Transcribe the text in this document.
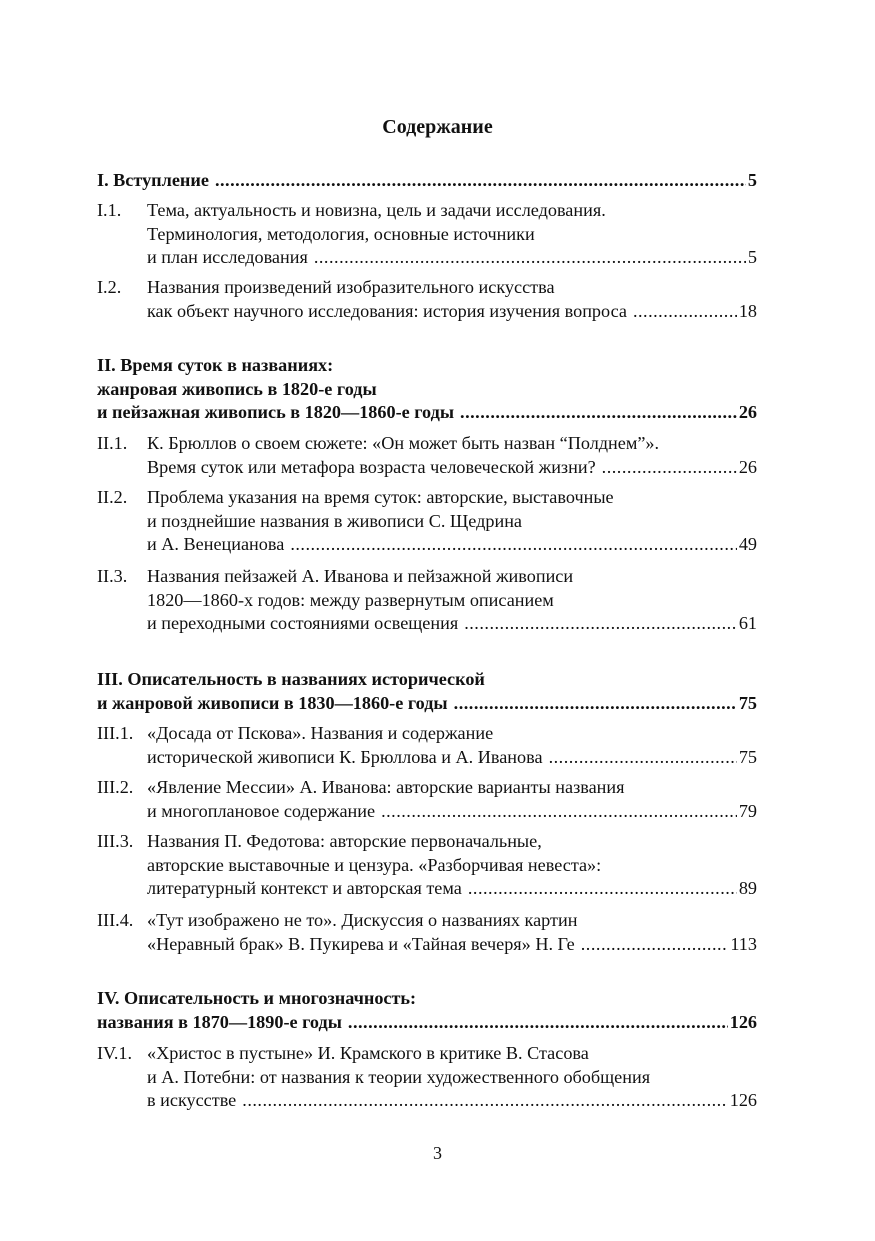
Содержание
I. Вступление .....	5
I.1. Тема, актуальность и новизна, цель и задачи исследования.
Терминология, методология, основные источники
и план исследования .....	5
I.2. Названия произведений изобразительного искусства
как объект научного исследования: история изучения вопроса .....	18
II. Время суток в названиях:
жанровая живопись в 1820-е годы
и пейзажная живопись в 1820—1860-е годы .....	26
II.1. К. Брюллов о своем сюжете: «Он может быть назван “Полднем”».
Время суток или метафора возраста человеческой жизни? .....	26
II.2. Проблема указания на время суток: авторские, выставочные
и позднейшие названия в живописи С. Щедрина
и А. Венецианова .....	49
II.3. Названия пейзажей А. Иванова и пейзажной живописи
1820—1860-х годов: между развернутым описанием
и переходными состояниями освещения .....	61
III. Описательность в названиях исторической
и жанровой живописи в 1830—1860-е годы .....	75
III.1. «Досада от Пскова». Названия и содержание
исторической живописи К. Брюллова и А. Иванова .....	75
III.2. «Явление Мессии» А. Иванова: авторские варианты названия
и многоплановое содержание .....	79
III.3. Названия П. Федотова: авторские первоначальные,
авторские выставочные и цензура. «Разборчивая невеста»:
литературный контекст и авторская тема .....	89
III.4. «Тут изображено не то». Дискуссия о названиях картин
«Неравный брак» В. Пукирева и «Тайная вечеря» Н. Ге .....	113
IV. Описательность и многозначность:
названия в 1870—1890-е годы .....	126
IV.1. «Христос в пустыне» И. Крамского в критике В. Стасова
и А. Потебни: от названия к теории художественного обобщения
в искусстве .....	126
3
